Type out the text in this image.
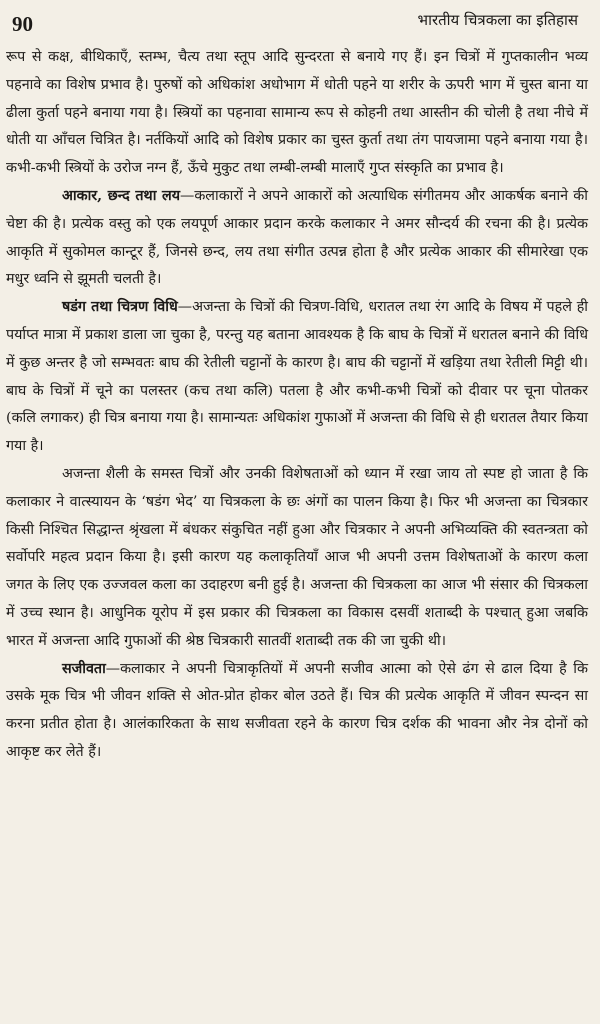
90	भारतीय चित्रकला का इतिहास

रूप से कक्ष, बीथिकाएँ, स्तम्भ, चैत्य तथा स्तूप आदि सुन्दरता से बनाये गए हैं। इन चित्रों में गुप्तकालीन भव्य पहनावे का विशेष प्रभाव है। पुरुषों को अधिकांश अधोभाग में धोती पहने या शरीर के ऊपरी भाग में चुस्त बाना या ढीला कुर्ता पहने बनाया गया है। स्त्रियों का पहनावा सामान्य रूप से कोहनी तथा आस्तीन की चोली है तथा नीचे में धोती या आँचल चित्रित है। नर्तकियों आदि को विशेष प्रकार का चुस्त कुर्ता तथा तंग पायजामा पहने बनाया गया है। कभी-कभी स्त्रियों के उरोज नग्न हैं, ऊँचे मुकुट तथा लम्बी-लम्बी मालाएँ गुप्त संस्कृति का प्रभाव है।

आकार, छन्द तथा लय—कलाकारों ने अपने आकारों को अत्याधिक संगीतमय और आकर्षक बनाने की चेष्टा की है। प्रत्येक वस्तु को एक लयपूर्ण आकार प्रदान करके कलाकार ने अमर सौन्दर्य की रचना की है। प्रत्येक आकृति में सुकोमल कान्टूर हैं, जिनसे छन्द, लय तथा संगीत उत्पन्न होता है और प्रत्येक आकार की सीमारेखा एक मधुर ध्वनि से झूमती चलती है।

षडंग तथा चित्रण विधि—अजन्ता के चित्रों की चित्रण-विधि, धरातल तथा रंग आदि के विषय में पहले ही पर्याप्त मात्रा में प्रकाश डाला जा चुका है, परन्तु यह बताना आवश्यक है कि बाघ के चित्रों में धरातल बनाने की विधि में कुछ अन्तर है जो सम्भवतः बाघ की रेतीली चट्टानों के कारण है। बाघ की चट्टानों में खड़िया तथा रेतीली मिट्टी थी। बाघ के चित्रों में चूने का पलस्तर (कच तथा कलि) पतला है और कभी-कभी चित्रों को दीवार पर चूना पोतकर (कलि लगाकर) ही चित्र बनाया गया है। सामान्यतः अधिकांश गुफाओं में अजन्ता की विधि से ही धरातल तैयार किया गया है।

अजन्ता शैली के समस्त चित्रों और उनकी विशेषताओं को ध्यान में रखा जाय तो स्पष्ट हो जाता है कि कलाकार ने वात्स्यायन के ‘षडंग भेद’ या चित्रकला के छः अंगों का पालन किया है। फिर भी अजन्ता का चित्रकार किसी निश्चित सिद्धान्त श्रृंखला में बंधकर संकुचित नहीं हुआ और चित्रकार ने अपनी अभिव्यक्ति की स्वतन्त्रता को सर्वोपरि महत्व प्रदान किया है। इसी कारण यह कलाकृतियाँ आज भी अपनी उत्तम विशेषताओं के कारण कला जगत के लिए एक उज्जवल कला का उदाहरण बनी हुई है। अजन्ता की चित्रकला का आज भी संसार की चित्रकला में उच्च स्थान है। आधुनिक यूरोप में इस प्रकार की चित्रकला का विकास दसवीं शताब्दी के पश्चात् हुआ जबकि भारत में अजन्ता आदि गुफाओं की श्रेष्ठ चित्रकारी सातवीं शताब्दी तक की जा चुकी थी।

सजीवता—कलाकार ने अपनी चित्राकृतियों में अपनी सजीव आत्मा को ऐसे ढंग से ढाल दिया है कि उसके मूक चित्र भी जीवन शक्ति से ओत-प्रोत होकर बोल उठते हैं। चित्र की प्रत्येक आकृति में जीवन स्पन्दन सा करना प्रतीत होता है। आलंकारिकता के साथ सजीवता रहने के कारण चित्र दर्शक की भावना और नेत्र दोनों को आकृष्ट कर लेते हैं।
